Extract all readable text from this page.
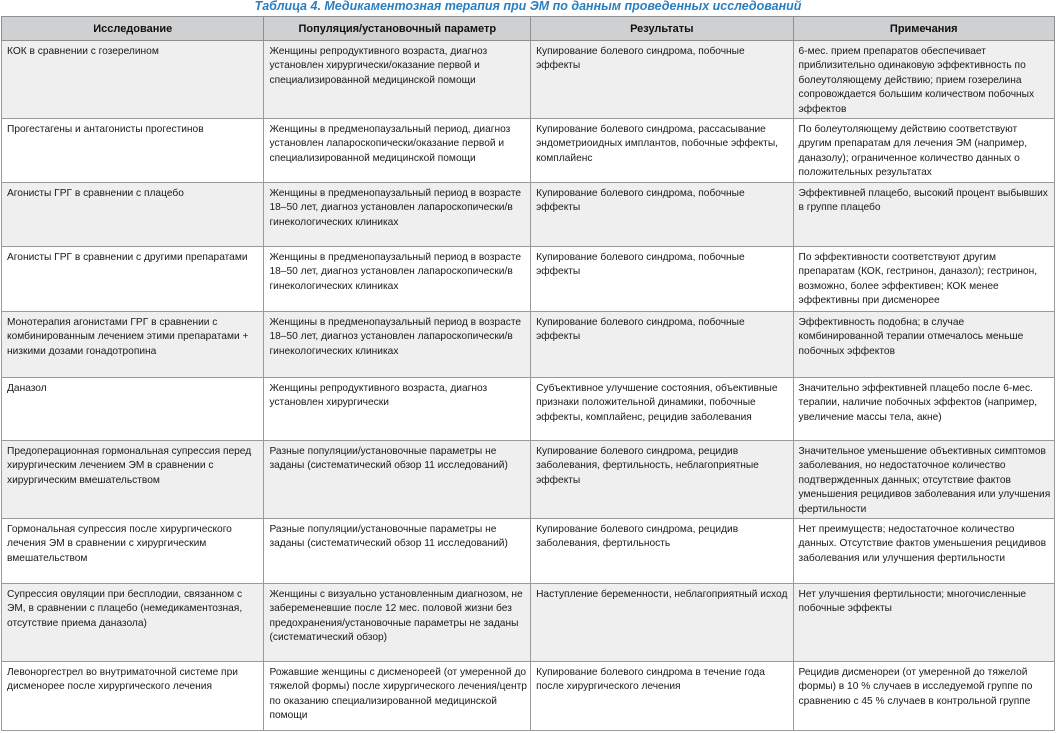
Таблица 4. Медикаментозная терапия при ЭМ по данным проведенных исследований
Исследование	Популяция/установочный параметр	Результаты	Примечания
КОК в сравнении с гозерелином	Женщины репродуктивного возраста, диагноз установлен хирургически/оказание первой и специализированной медицинской помощи	Купирование болевого синдрома, побочные эффекты	6-мес. прием препаратов обеспечивает приблизительно одинаковую эффективность по болеутоляющему действию; прием гозерелина сопровождается большим количеством побочных эффектов
Прогестагены и антагонисты прогестинов	Женщины в предменопаузальный период, диагноз установлен лапароскопически/оказание первой и специализированной медицинской помощи	Купирование болевого синдрома, рассасывание эндометриоидных имплантов, побочные эффекты, комплайенс	По болеутоляющему действию соответствуют другим препаратам для лечения ЭМ (например, даназолу); ограниченное количество данных о положительных результатах
Агонисты ГРГ в сравнении с плацебо	Женщины в предменопаузальный период в возрасте 18–50 лет, диагноз установлен лапароскопически/в гинекологических клиниках	Купирование болевого синдрома, побочные эффекты	Эффективней плацебо, высокий процент выбывших в группе плацебо
Агонисты ГРГ в сравнении с другими препаратами	Женщины в предменопаузальный период в возрасте 18–50 лет, диагноз установлен лапароскопически/в гинекологических клиниках	Купирование болевого синдрома, побочные эффекты	По эффективности соответствуют другим препаратам (КОК, гестринон, даназол); гестринон, возможно, более эффективен; КОК менее эффективны при дисменорее
Монотерапия агонистами ГРГ в сравнении с комбинированным лечением этими препаратами + низкими дозами гонадотропина	Женщины в предменопаузальный период в возрасте 18–50 лет, диагноз установлен лапароскопически/в гинекологических клиниках	Купирование болевого синдрома, побочные эффекты	Эффективность подобна; в случае комбинированной терапии отмечалось меньше побочных эффектов
Даназол	Женщины репродуктивного возраста, диагноз установлен хирургически	Субъективное улучшение состояния, объективные признаки положительной динамики, побочные эффекты, комплайенс, рецидив заболевания	Значительно эффективней плацебо после 6-мес. терапии, наличие побочных эффектов (например, увеличение массы тела, акне)
Предоперационная гормональная супрессия перед хирургическим лечением ЭМ в сравнении с хирургическим вмешательством	Разные популяции/установочные параметры не заданы (систематический обзор 11 исследований)	Купирование болевого синдрома, рецидив заболевания, фертильность, неблагоприятные эффекты	Значительное уменьшение объективных симптомов заболевания, но недостаточное количество подтвержденных данных; отсутствие фактов уменьшения рецидивов заболевания или улучшения фертильности
Гормональная супрессия после хирургического лечения ЭМ в сравнении с хирургическим вмешательством	Разные популяции/установочные параметры не заданы (систематический обзор 11 исследований)	Купирование болевого синдрома, рецидив заболевания, фертильность	Нет преимуществ; недостаточное количество данных. Отсутствие фактов уменьшения рецидивов заболевания или улучшения фертильности
Супрессия овуляции при бесплодии, связанном с ЭМ, в сравнении с плацебо (немедикаментозная, отсутствие приема даназола)	Женщины с визуально установленным диагнозом, не забеременевшие после 12 мес. половой жизни без предохранения/установочные параметры не заданы (систематический обзор)	Наступление беременности, неблагоприятный исход	Нет улучшения фертильности; многочисленные побочные эффекты
Левоноргестрел во внутриматочной системе при дисменорее после хирургического лечения	Рожавшие женщины с дисменореей (от умеренной до тяжелой формы) после хирургического лечения/центр по оказанию специализированной медицинской помощи	Купирование болевого синдрома в течение года после хирургического лечения	Рецидив дисменореи (от умеренной до тяжелой формы) в 10 % случаев в исследуемой группе по сравнению с 45 % случаев в контрольной группе
